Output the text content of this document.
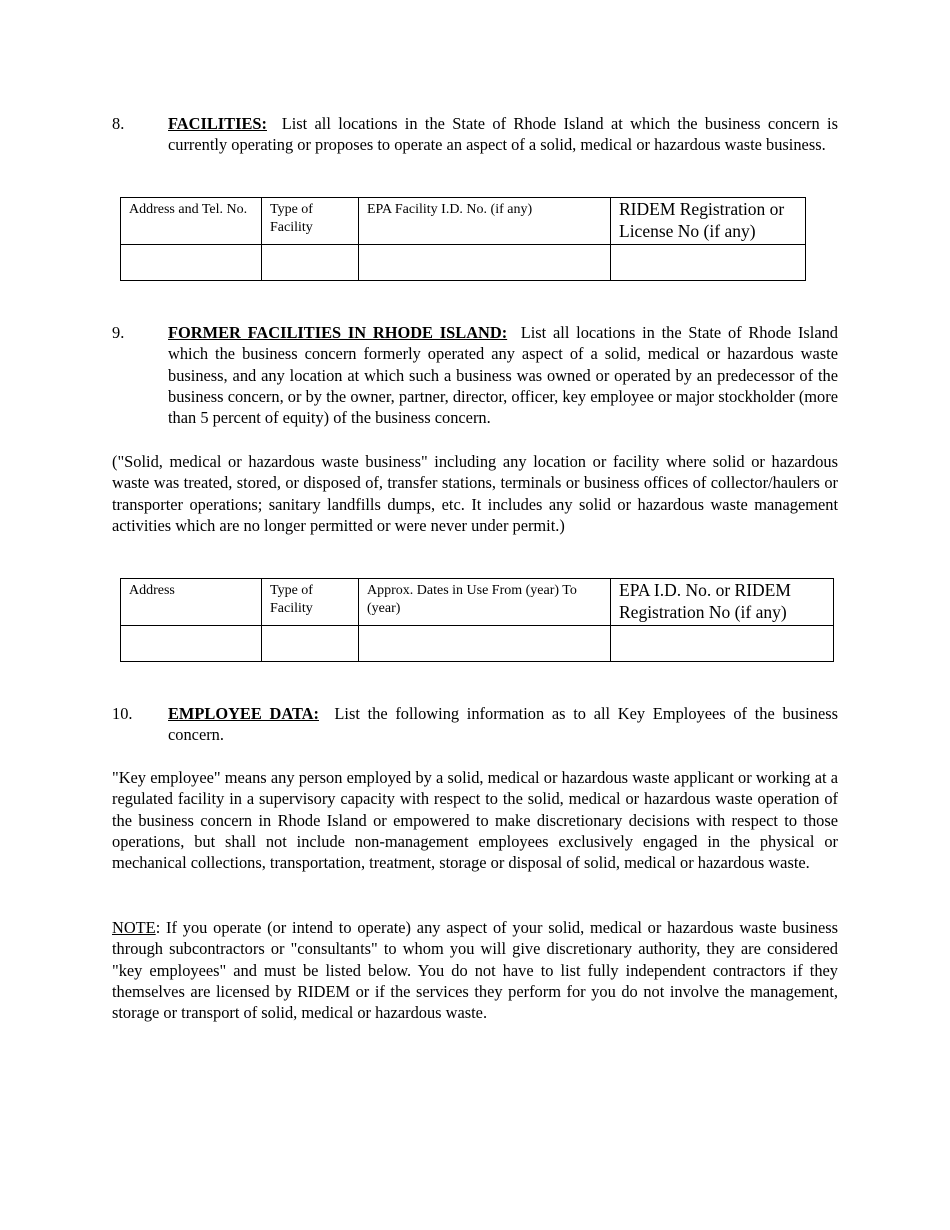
8.	FACILITIES: List all locations in the State of Rhode Island at which the business concern is currently operating or proposes to operate an aspect of a solid, medical or hazardous waste business.
Address and Tel. No.	Type of Facility	EPA Facility I.D. No. (if any)	RIDEM Registration or License No (if any)

9.	FORMER FACILITIES IN RHODE ISLAND: List all locations in the State of Rhode Island which the business concern formerly operated any aspect of a solid, medical or hazardous waste business, and any location at which such a business was owned or operated by an predecessor of the business concern, or by the owner, partner, director, officer, key employee or major stockholder (more than 5 percent of equity) of the business concern.
("Solid, medical or hazardous waste business" including any location or facility where solid or hazardous waste was treated, stored, or disposed of, transfer stations, terminals or business offices of collector/haulers or transporter operations; sanitary landfills dumps, etc. It includes any solid or hazardous waste management activities which are no longer permitted or were never under permit.)
Address	Type of Facility	Approx. Dates in Use From (year) To (year)	EPA I.D. No. or RIDEM Registration No (if any)

10. EMPLOYEE DATA: List the following information as to all Key Employees of the business concern.
"Key employee" means any person employed by a solid, medical or hazardous waste applicant or working at a regulated facility in a supervisory capacity with respect to the solid, medical or hazardous waste operation of the business concern in Rhode Island or empowered to make discretionary decisions with respect to those operations, but shall not include non-management employees exclusively engaged in the physical or mechanical collections, transportation, treatment, storage or disposal of solid, medical or hazardous waste.
NOTE: If you operate (or intend to operate) any aspect of your solid, medical or hazardous waste business through subcontractors or "consultants" to whom you will give discretionary authority, they are considered "key employees" and must be listed below. You do not have to list fully independent contractors if they themselves are licensed by RIDEM or if the services they perform for you do not involve the management, storage or transport of solid, medical or hazardous waste.
